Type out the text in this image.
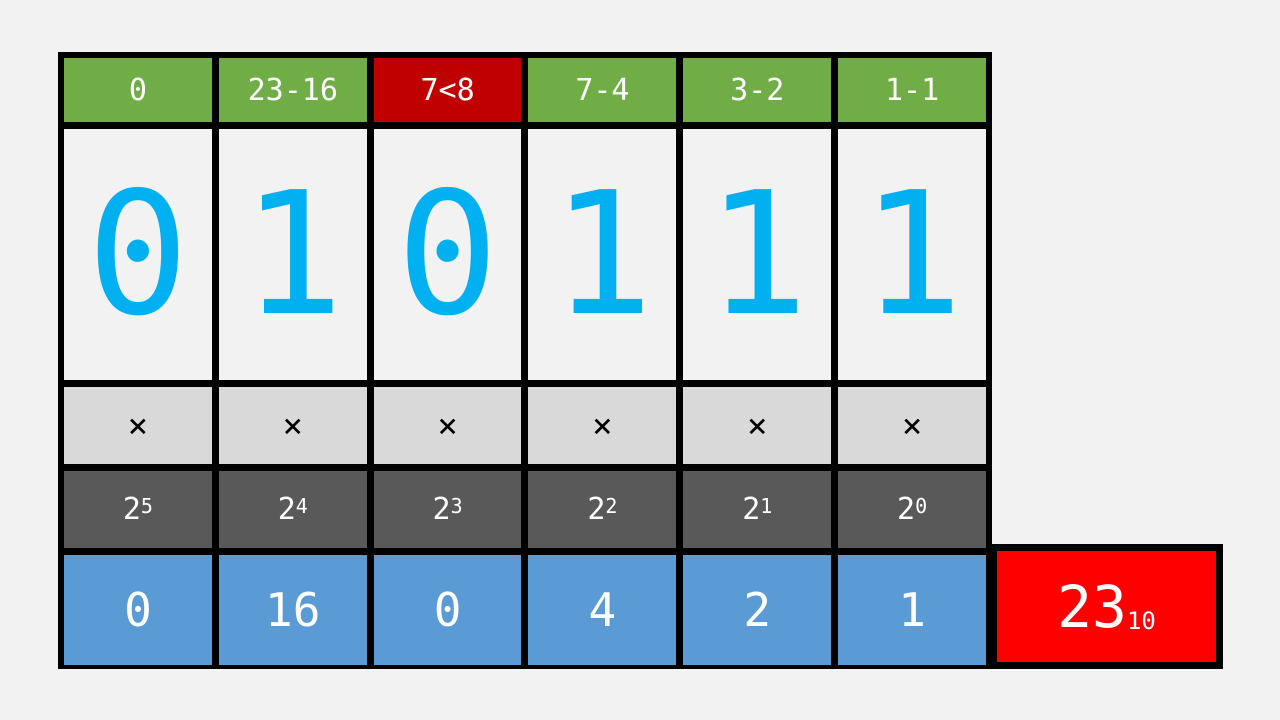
0	23-16	7<8	7-4	3-2	1-1
0 1 0 1 1 1
×	×	×	×	×	×
$2^5$	$2^4$	$2^3$	$2^2$	$2^1$	$2^0$
0	16	0	4	2	1	$23_{10}$
